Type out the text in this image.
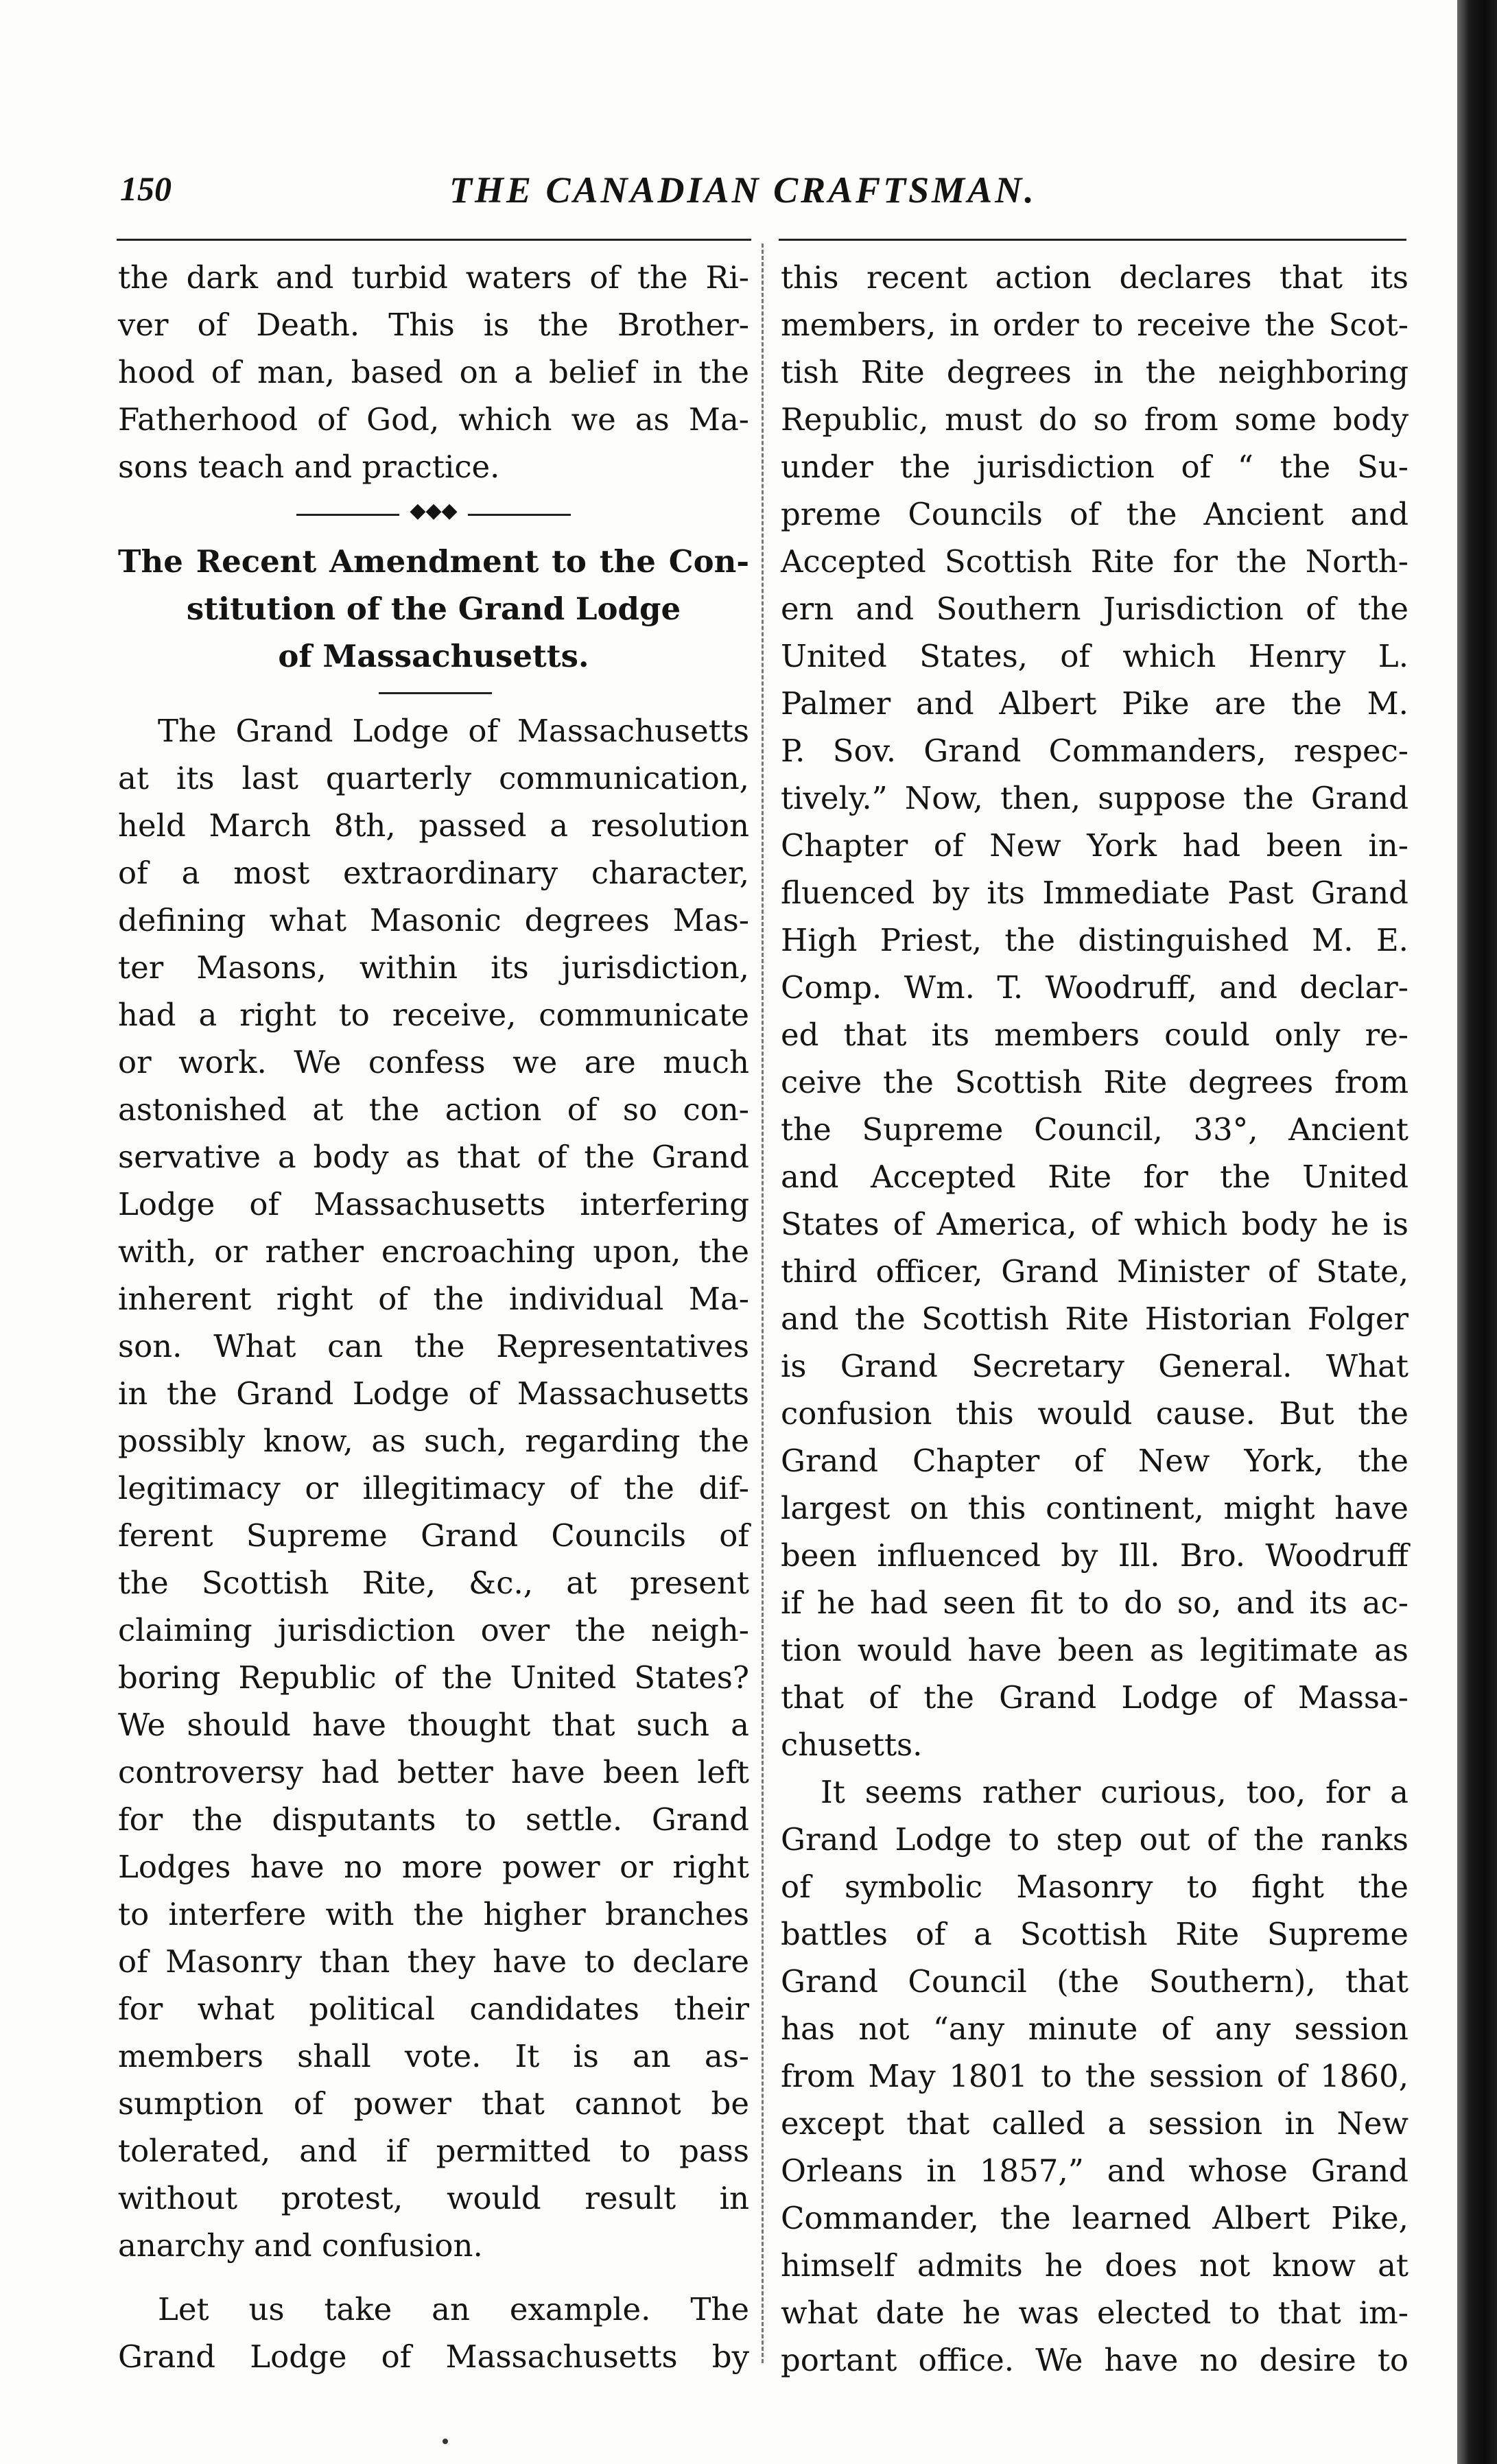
150	THE CANADIAN CRAFTSMAN.
the dark and turbid waters of the Ri-
ver of Death. This is the Brother-
hood of man, based on a belief in the
Fatherhood of God, which we as Ma-
sons teach and practice.
◆◆◆
The Recent Amendment to the Con-
stitution of the Grand Lodge
of Massachusetts.
The Grand Lodge of Massachusetts
at its last quarterly communication,
held March 8th, passed a resolution
of a most extraordinary character,
defining what Masonic degrees Mas-
ter Masons, within its jurisdiction,
had a right to receive, communicate
or work. We confess we are much
astonished at the action of so con-
servative a body as that of the Grand
Lodge of Massachusetts interfering
with, or rather encroaching upon, the
inherent right of the individual Ma-
son. What can the Representatives
in the Grand Lodge of Massachusetts
possibly know, as such, regarding the
legitimacy or illegitimacy of the dif-
ferent Supreme Grand Councils of
the Scottish Rite, &c., at present
claiming jurisdiction over the neigh-
boring Republic of the United States?
We should have thought that such a
controversy had better have been left
for the disputants to settle. Grand
Lodges have no more power or right
to interfere with the higher branches
of Masonry than they have to declare
for what political candidates their
members shall vote. It is an as-
sumption of power that cannot be
tolerated, and if permitted to pass
without protest, would result in
anarchy and confusion.
Let us take an example. The
Grand Lodge of Massachusetts by
this recent action declares that its
members, in order to receive the Scot-
tish Rite degrees in the neighboring
Republic, must do so from some body
under the jurisdiction of “ the Su-
preme Councils of the Ancient and
Accepted Scottish Rite for the North-
ern and Southern Jurisdiction of the
United States, of which Henry L.
Palmer and Albert Pike are the M.
P. Sov. Grand Commanders, respec-
tively.” Now, then, suppose the Grand
Chapter of New York had been in-
fluenced by its Immediate Past Grand
High Priest, the distinguished M. E.
Comp. Wm. T. Woodruff, and declar-
ed that its members could only re-
ceive the Scottish Rite degrees from
the Supreme Council, 33°, Ancient
and Accepted Rite for the United
States of America, of which body he is
third officer, Grand Minister of State,
and the Scottish Rite Historian Folger
is Grand Secretary General. What
confusion this would cause. But the
Grand Chapter of New York, the
largest on this continent, might have
been influenced by Ill. Bro. Woodruff
if he had seen fit to do so, and its ac-
tion would have been as legitimate as
that of the Grand Lodge of Massa-
chusetts.
It seems rather curious, too, for a
Grand Lodge to step out of the ranks
of symbolic Masonry to fight the
battles of a Scottish Rite Supreme
Grand Council (the Southern), that
has not “any minute of any session
from May 1801 to the session of 1860,
except that called a session in New
Orleans in 1857,” and whose Grand
Commander, the learned Albert Pike,
himself admits he does not know at
what date he was elected to that im-
portant office. We have no desire to
